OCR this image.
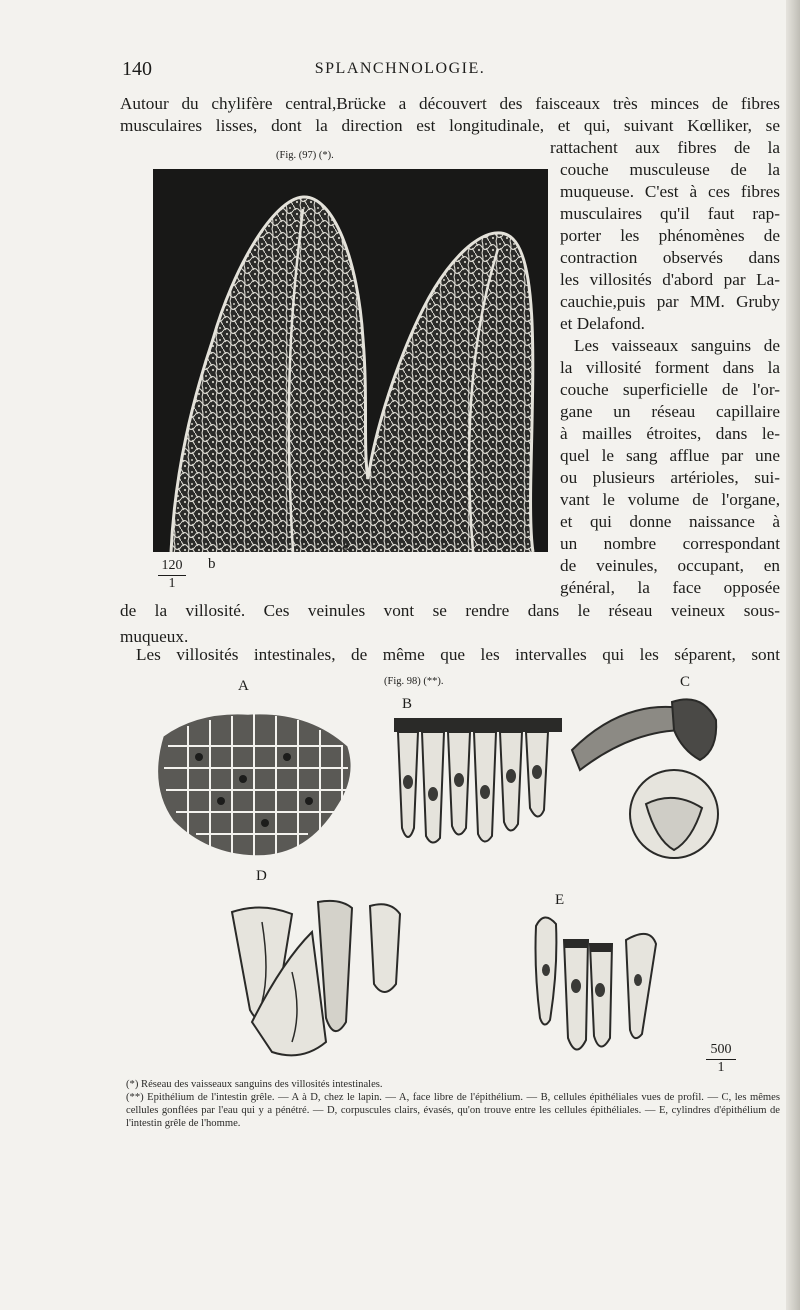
140	SPLANCHNOLOGIE.
Autour du chylifère central,Brücke a découvert des faisceaux très minces de fibres
musculaires lisses, dont la direction est longitudinale, et qui, suivant Kœlliker, se
rattachent aux fibres de la
couche musculeuse de la
muqueuse. C'est à ces fibres
musculaires qu'il faut rap-
porter les phénomènes de
contraction observés dans
les villosités d'abord par La-
cauchie,puis par MM. Gruby
et Delafond.
Les vaisseaux sanguins de
la villosité forment dans la
couche superficielle de l'or-
gane un réseau capillaire
à mailles étroites, dans le-
quel le sang afflue par une
ou plusieurs artérioles, sui-
vant le volume de l'organe,
et qui donne naissance à
un nombre correspondant
de veinules, occupant, en
général, la face opposée
de la villosité. Ces veinules vont se rendre dans le réseau veineux sous-
muqueux.
Les villosités intestinales, de même que les intervalles qui les séparent, sont
(Fig. (97) (*).
$\frac{120}{1}$ b
a
(Fig. 98) (**).
A
B
C
D
E
$\frac{500}{1}$

(*) Réseau des vaisseaux sanguins des villosités intestinales.

(**) Epithélium de l'intestin grêle. — A à D, chez le lapin. — A, face libre de l'épithélium. — B, cellules épithéliales vues de profil. — C, les mêmes cellules gonflées par l'eau qui y a pénétré. — D, corpuscules clairs, évasés, qu'on trouve entre les cellules épithéliales. — E, cylindres d'épithélium de l'intestin grêle de l'homme.
